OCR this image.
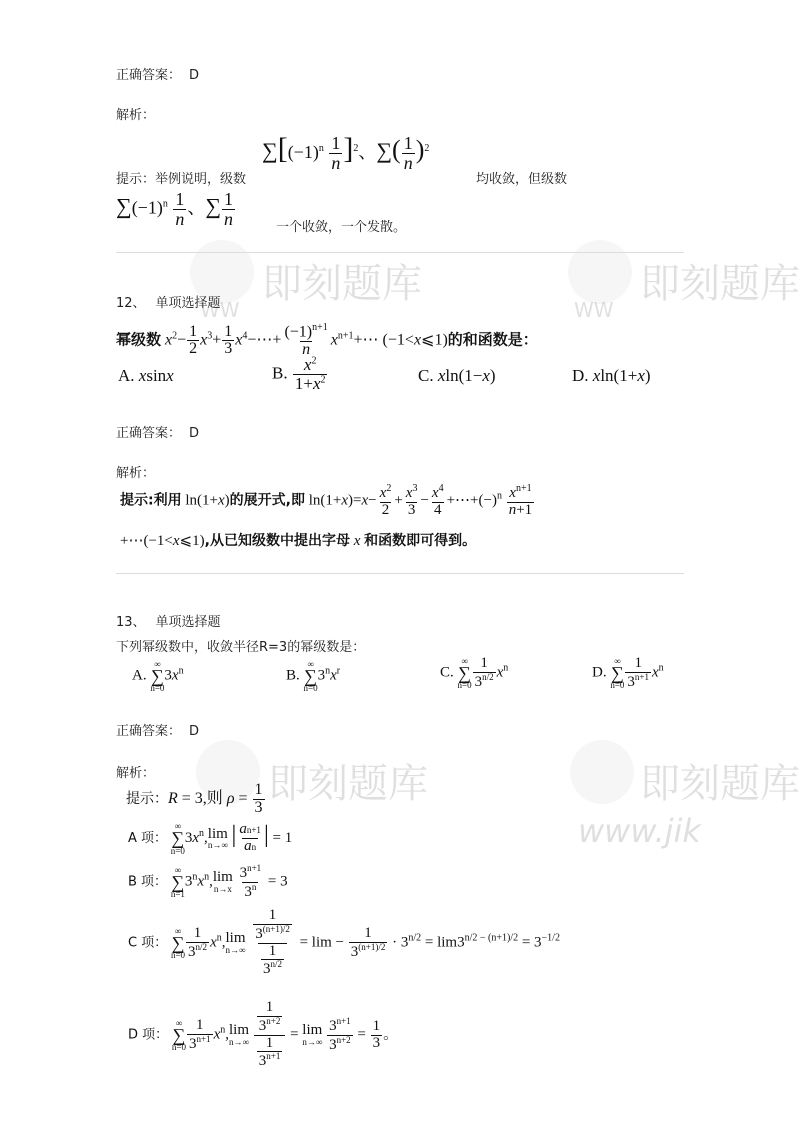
即刻题库
WW
即刻题库
WW
即刻题库	即刻题库
www.jik
正确答案： D
解析：
$\sum[(-1)^n \frac{1}{n} ]^2$、∑( $\frac{1}{n} )^2$
提示：举例说明，级数	均收敛，但级数
$\sum(-1)^n \frac{1}{n}$ 、∑ $\frac{1}{n}$	一个收敛，一个发散。
12、 单项选择题
幂级数 $x^2- \frac{1}{2} x^3+ \frac{1}{3}$ $x^4-\cdots+ \frac{(-1)^{n+1}}{n}$ $x^{n+1}+\cdots$ (−1<x⩽1)的和函数是：
A. xsinx	B. $\frac{x^2}{1+x^2}$	C. xln(1−x)	D. xln(1+x)
正确答案： D
解析：
提示:利用 ln(1+x)的展开式,即 $\ln(1+x)=x- \frac{x^2}{2} + \frac{x^3}{3} - \frac{x^4}{4}$ $+\cdots+(-)^n \frac{x^{n+1}}{n+1}$
+⋯(−1<x⩽1),从已知级数中提出字母 x 和函数即可得到。
13、 单项选择题
下列幂级数中，收敛半径R=3的幂级数是：
A.
∞
∑
n=0
$3x^n$	B.
∞
∑
n=0
$3^nx^r$	C.
∞
∑
$n=0 \frac{1}{3^{n/2}} x^n$	D.
∞
∑
$n=0 \frac{1}{3^{n+1}} x^n$
正确答案： D
解析：
提示：R = 3,则 $\rho = \frac{1}{3}$
A 项：
∞
∑
n=0
$3x^n$, lim
n→∞ | $\frac{an+1}{an}$ | = 1
B 项：
∞
∑
n=1
$3^nx^n$, lim
n→x
$\frac{3^{n+1}}{3^n} = 3$
C 项：
∞
∑
$n=0 \frac{1}{3^{n/2}} x^n$, lim
n→∞
$\frac{\frac{1}{3^{(n+1)/2}}}{\frac{1}{3^{n/2}}} = \lim - \frac{1}{3^{(n+1)/2}} \cdot 3^{n/2} = \lim 3^{n/2 - (n+1)/2} = 3^{-1/2}$
D 项：
∞
∑
$n=0 \frac{1}{3^{n+1}} x^n$, lim
n→∞
$\frac{\frac{1}{3^{n+2}}}{\frac{1}{3^{n+1}}} = \lim$
n→∞
$\frac{3^{n+1}}{3^{n+2}} = \frac{1}{3}$ 。
